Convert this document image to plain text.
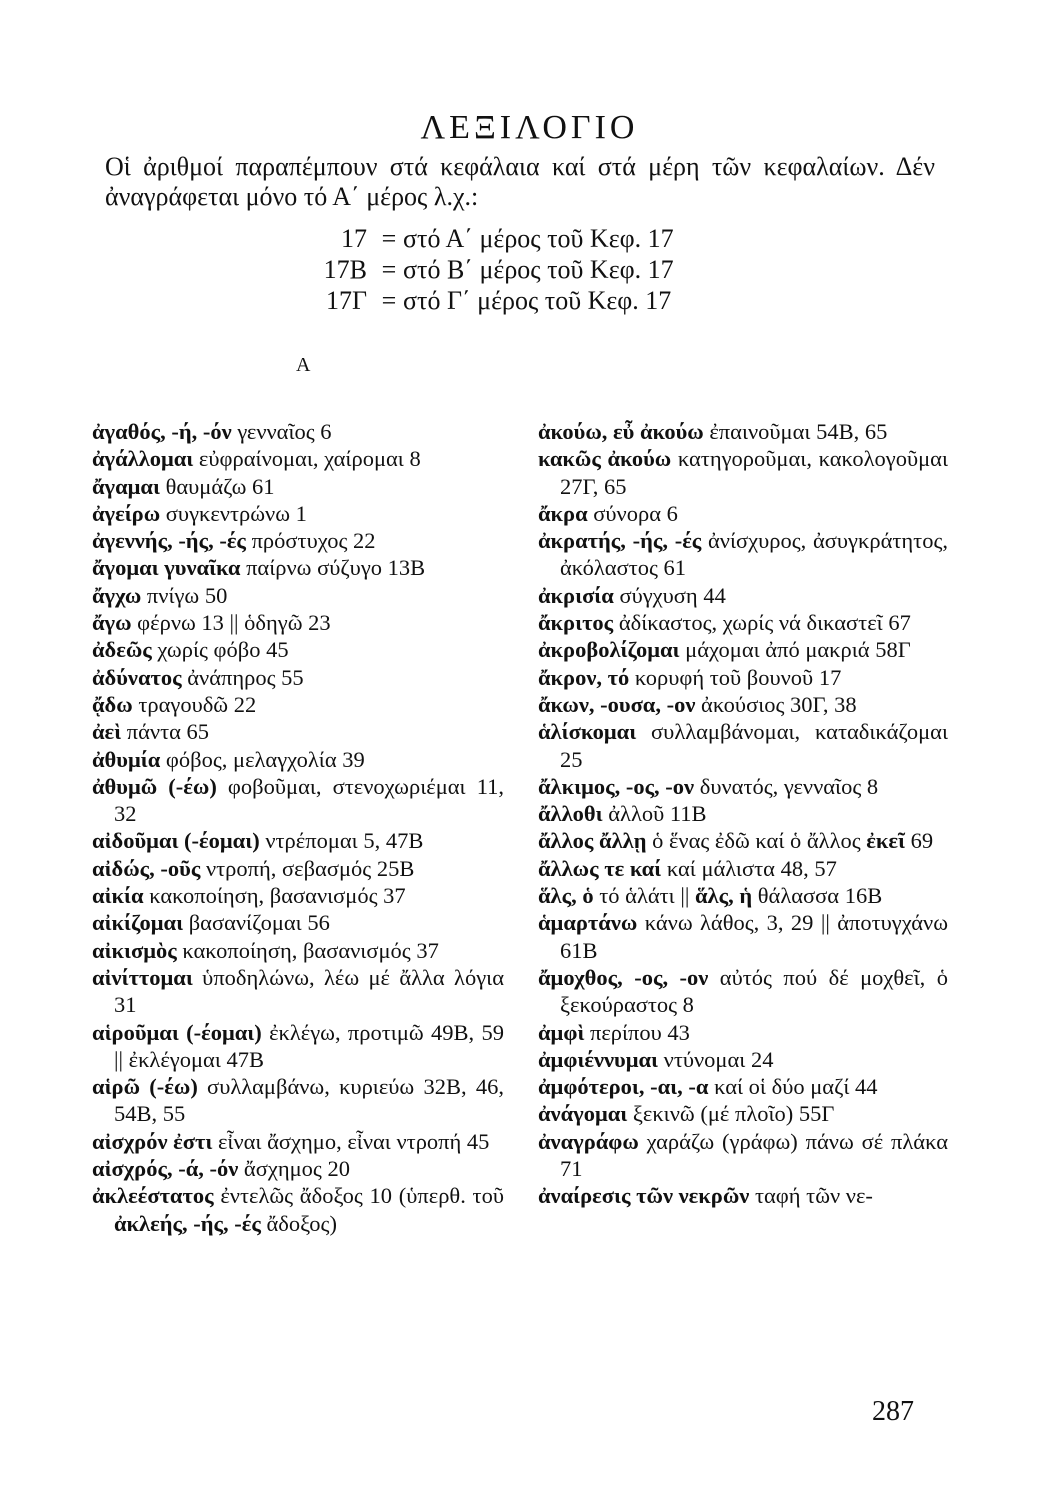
ΛΕΞΙΛΟΓΙΟ

Οἱ ἀριθμοί παραπέμπουν στά κεφάλαια καί στά μέρη τῶν κεφαλαίων. Δέν ἀναγράφεται μόνο τό Α΄ μέρος λ.χ.:

17 = στό Α΄ μέρος τοῦ Κεφ. 17
17Β = στό Β΄ μέρος τοῦ Κεφ. 17
17Γ = στό Γ΄ μέρος τοῦ Κεφ. 17
Α
ἀγαθός, -ή, -όν γενναῖος 6
ἀγάλλομαι εὐφραίνομαι, χαίρομαι 8
ἄγαμαι θαυμάζω 61
ἀγείρω συγκεντρώνω 1
ἀγεννής, -ής, -ές πρόστυχος 22
ἄγομαι γυναῖκα παίρνω σύζυγο 13Β
ἄγχω πνίγω 50
ἄγω φέρνω 13 || ὁδηγῶ 23
ἀδεῶς χωρίς φόβο 45
ἀδύνατος ἀνάπηρος 55
ᾄδω τραγουδῶ 22
ἀεὶ πάντα 65
ἀθυμία φόβος, μελαγχολία 39
ἀθυμῶ (-έω) φοβοῦμαι, στενοχωριέμαι 11, 32
αἰδοῦμαι (-έομαι) ντρέπομαι 5, 47Β
αἰδώς, -οῦς ντροπή, σεβασμός 25Β
αἰκία κακοποίηση, βασανισμός 37
αἰκίζομαι βασανίζομαι 56
αἰκισμὸς κακοποίηση, βασανισμός 37
αἰνίττομαι ὑποδηλώνω, λέω μέ ἄλλα λόγια 31
αἱροῦμαι (-έομαι) ἐκλέγω, προτιμῶ 49Β, 59 || ἐκλέγομαι 47Β
αἱρῶ (-έω) συλλαμβάνω, κυριεύω 32Β, 46, 54Β, 55
αἰσχρόν ἐστι εἶναι ἄσχημο, εἶναι ντροπή 45
αἰσχρός, -ά, -όν ἄσχημος 20
ἀκλεέστατος ἐντελῶς ἄδοξος 10 (ὑπερθ. τοῦ ἀκλεής, -ής, -ές ἄδοξος)
ἀκούω, εὖ ἀκούω ἐπαινοῦμαι 54Β, 65
κακῶς ἀκούω κατηγοροῦμαι, κακολογοῦμαι 27Γ, 65
ἄκρα σύνορα 6
ἀκρατής, -ής, -ές ἀνίσχυρος, ἀσυγκράτητος, ἀκόλαστος 61
ἀκρισία σύγχυση 44
ἄκριτος ἀδίκαστος, χωρίς νά δικαστεῖ 67
ἀκροβολίζομαι μάχομαι ἀπό μακριά 58Γ
ἄκρον, τό κορυφή τοῦ βουνοῦ 17
ἄκων, -ουσα, -ον ἀκούσιος 30Γ, 38
ἁλίσκομαι συλλαμβάνομαι, καταδικάζομαι 25
ἄλκιμος, -ος, -ον δυνατός, γενναῖος 8
ἄλλοθι ἀλλοῦ 11Β
ἄλλος ἄλλῃ ὁ ἕνας ἐδῶ καί ὁ ἄλλος ἐκεῖ 69
ἄλλως τε καί καί μάλιστα 48, 57
ἅλς, ὁ τό ἁλάτι || ἅλς, ἡ θάλασσα 16Β
ἁμαρτάνω κάνω λάθος, 3, 29 || ἀποτυγχάνω 61Β
ἄμοχθος, -ος, -ον αὐτός πού δέ μοχθεῖ, ὁ ξεκούραστος 8
ἀμφὶ περίπου 43
ἀμφιέννυμαι ντύνομαι 24
ἀμφότεροι, -αι, -α καί οἱ δύο μαζί 44
ἀνάγομαι ξεκινῶ (μέ πλοῖο) 55Γ
ἀναγράφω χαράζω (γράφω) πάνω σέ πλάκα 71
ἀναίρεσις τῶν νεκρῶν ταφή τῶν νε-
287
